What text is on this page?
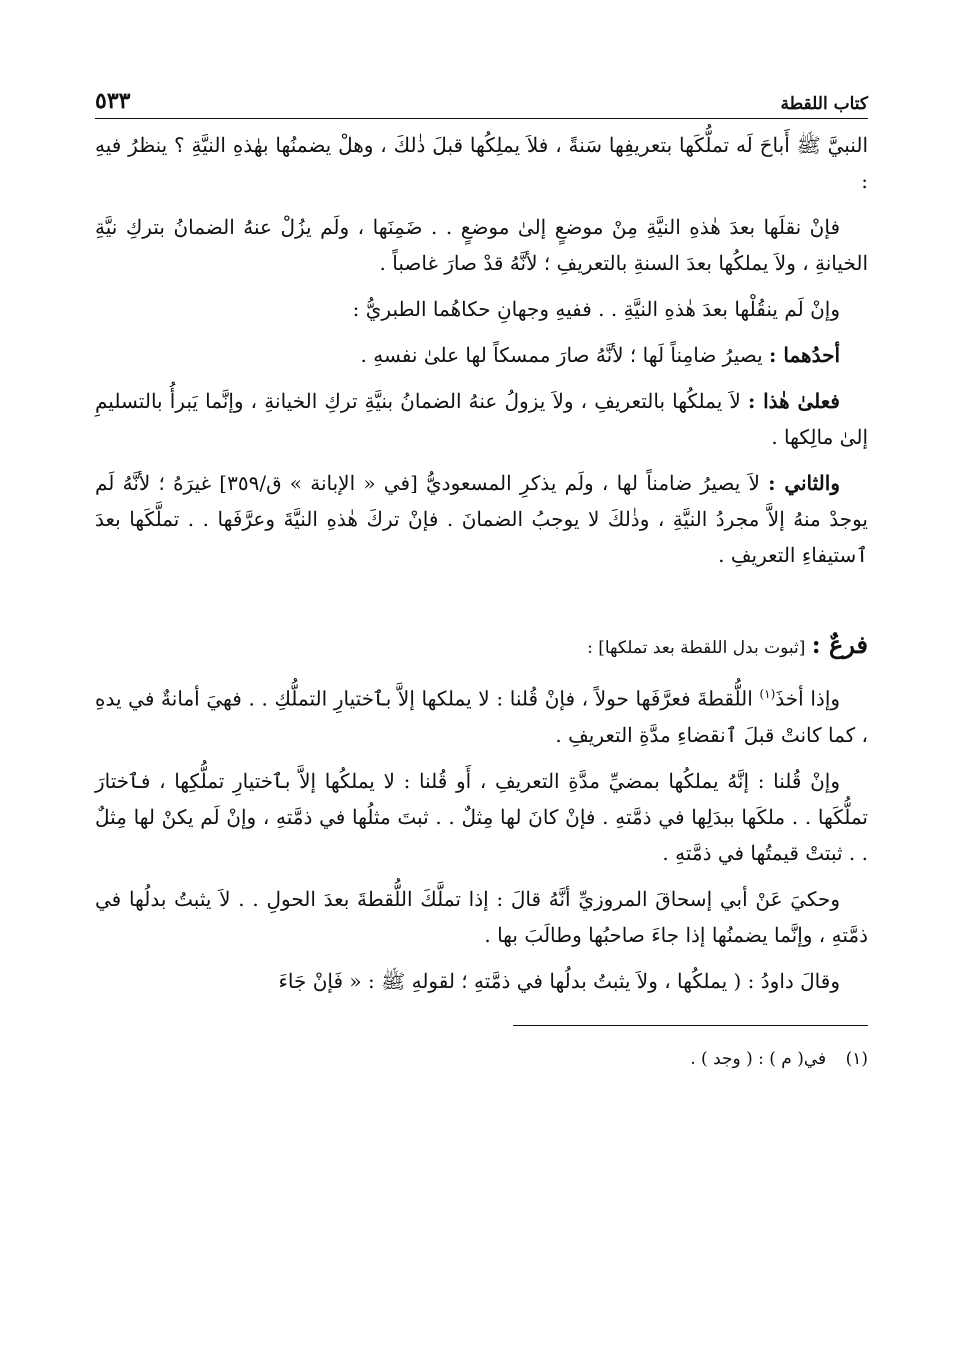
كتاب اللقطة
٥٣٣

النبيَّ ﷺ أَباحَ لَه تملُّكَها بتعريفِها سَنةً ، فلاَ يملِكُها قبلَ ذٰلكَ ، وهلْ يضمنُها بهٰذهِ النيَّةِ ؟ ينظرُ فيهِ :

فإنْ نقلَها بعدَ هٰذهِ النيَّةِ مِنْ موضعٍ إلىٰ موضعٍ . . ضَمِنَها ، ولَم يزُلْ عنهُ الضمانُ بتركِ نيَّةِ الخيانةِ ، ولاَ يملكُها بعدَ السنةِ بالتعريفِ ؛ لأنَّهُ قدْ صارَ غاصباً .

وإنْ لَم ينقُلْها بعدَ هٰذهِ النيَّةِ . . ففيهِ وجهانِ حكاهُما الطبريُّ :

أحدُهما : يصيرُ ضامِناً لَها ؛ لأنَّهُ صارَ ممسكاً لها علىٰ نفسهِ .

فعلىٰ هٰذا : لاَ يملكُها بالتعريفِ ، ولاَ يزولُ عنهُ الضمانُ بنيَّةِ تركِ الخيانةِ ، وإنَّما يَبرأُ بالتسليمِ إلىٰ مالِكها .

والثاني : لاَ يصيرُ ضامناً لها ، ولَم يذكرِ المسعوديُّ [في « الإبانة » ق/٣٥٩] غيرَهُ ؛ لأنَّهُ لَم يوجدْ منهُ إلاَّ مجردُ النيَّةِ ، وذٰلكَ لا يوجبُ الضمانَ . فإنْ تركَ هٰذهِ النيَّةَ وعرَّفَها . . تملَّكَها بعدَ ٱستيفاءِ التعريفِ .

فرعٌ : [ثبوت بدل اللقطة بعد تملكها] :

وإذا أخذَ$^{(١)}$ اللُّقطةَ فعرَّفَها حولاً ، فإنْ قُلنا : لا يملكها إلاَّ بٱختيارِ التملُّكِ . . فهيَ أمانةٌ في يدهِ ، كما كانتْ قبلَ ٱنقضاءِ مدَّةِ التعريفِ .

وإنْ قُلنا : إنَّهُ يملكُها بمضيِّ مدَّةِ التعريفِ ، أَو قُلنا : لا يملكُها إلاَّ بٱختيارِ تملُّكِها ، فٱختارَ تملُّكَها . . ملكَها ببدَلِها في ذمَّتهِ . فإنْ كانَ لها مِثلٌ . . ثبتَ مثلُها في ذمَّتهِ ، وإنْ لَم يكنْ لها مِثلٌ . . ثبتتْ قيمتُها في ذمَّتهِ .

وحكيَ عَنْ أبي إسحاقَ المروزيِّ أنَّهُ قالَ : إذا تملَّكَ اللُّقطةَ بعدَ الحولِ . . لاَ يثبتُ بدلُها في ذمَّتهِ ، وإنَّما يضمنُها إذا جاءَ صاحبُها وطالَبَ بها .

وقالَ داودُ : ( يملكُها ، ولاَ يثبتُ بدلُها في ذمَّتهِ ؛ لقولهِ ﷺ : « فَإنْ جَاءَ

(١) في( م ) : ( وجد ) .
